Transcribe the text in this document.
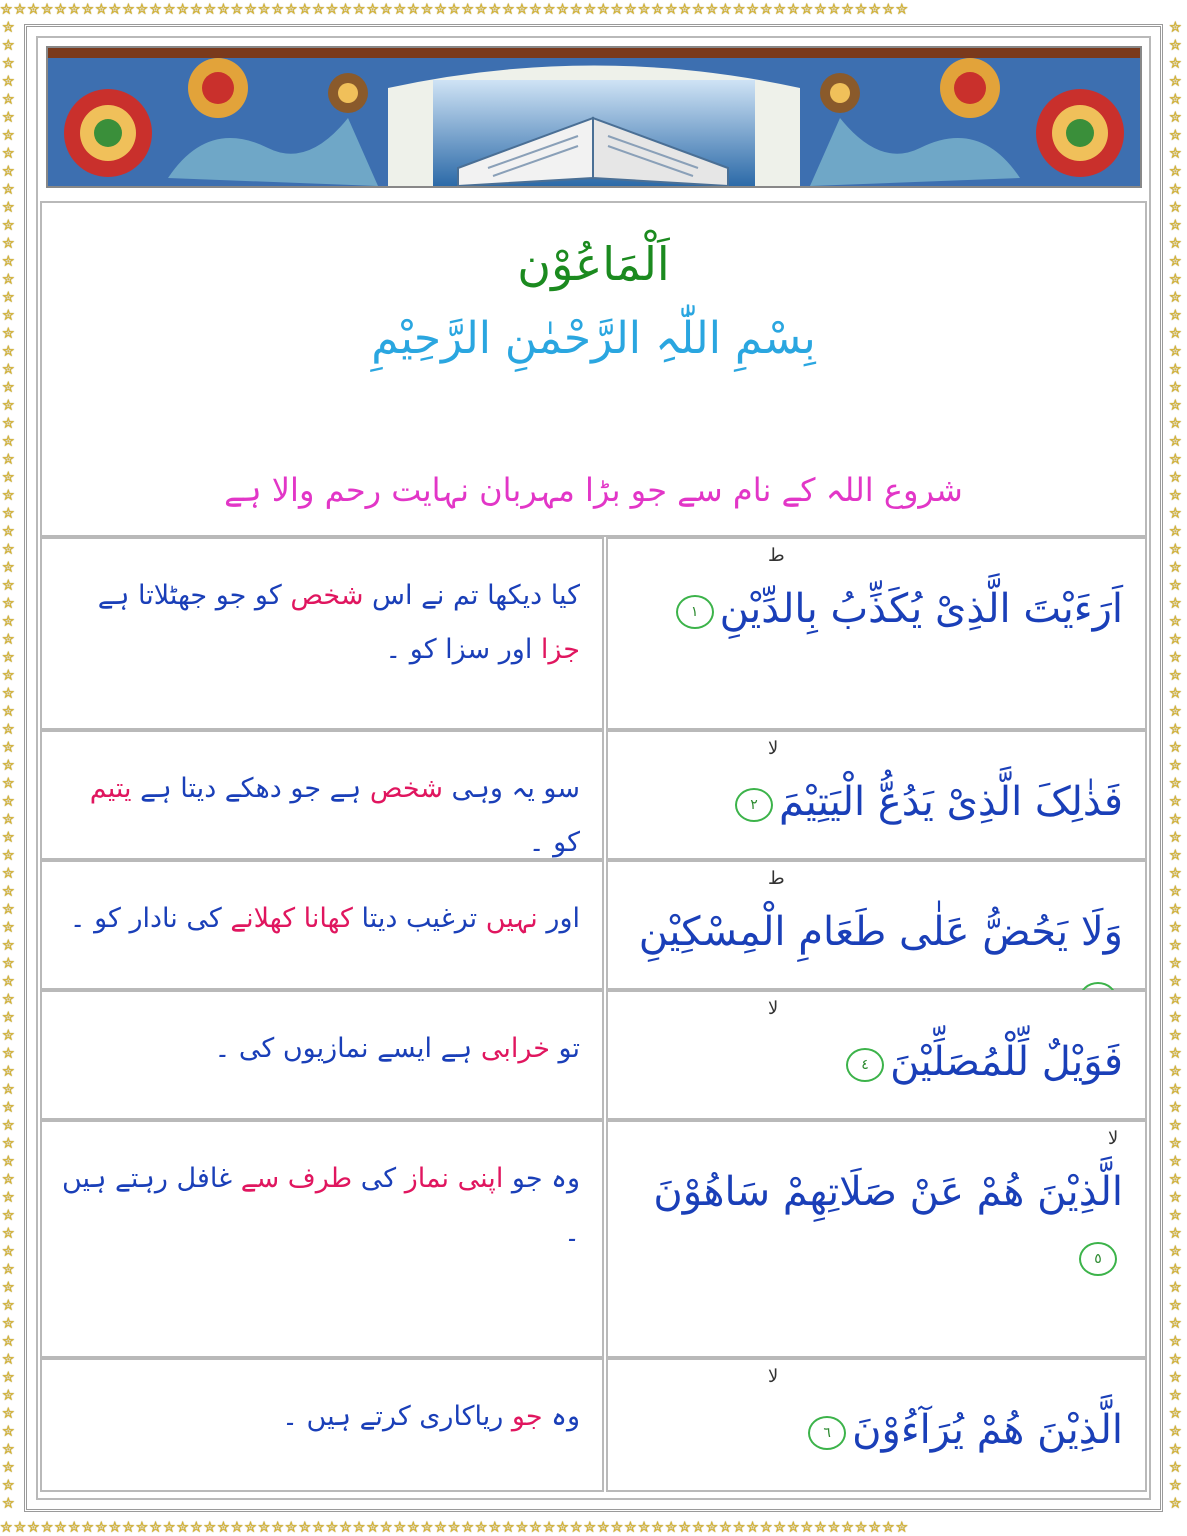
✮✮✮✮✮✮✮✮✮✮✮✮✮✮✮✮✮✮✮✮✮✮✮✮✮✮✮✮✮✮✮✮✮✮✮✮✮✮✮✮✮✮✮✮✮✮✮✮✮✮✮✮✮✮✮✮✮✮✮✮✮✮✮✮✮✮✮
✮✮✮✮✮✮✮✮✮✮✮✮✮✮✮✮✮✮✮✮✮✮✮✮✮✮✮✮✮✮✮✮✮✮✮✮✮✮✮✮✮✮✮✮✮✮✮✮✮✮✮✮✮✮✮✮✮✮✮✮✮✮✮✮✮✮✮
✮✮✮✮✮✮✮✮✮✮✮✮✮✮✮✮✮✮✮✮✮✮✮✮✮✮✮✮✮✮✮✮✮✮✮✮✮✮✮✮✮✮✮✮✮✮✮✮✮✮✮✮✮✮✮✮✮✮✮✮✮✮✮✮✮✮✮✮✮✮✮✮✮✮✮✮✮✮✮✮✮✮✮
✮✮✮✮✮✮✮✮✮✮✮✮✮✮✮✮✮✮✮✮✮✮✮✮✮✮✮✮✮✮✮✮✮✮✮✮✮✮✮✮✮✮✮✮✮✮✮✮✮✮✮✮✮✮✮✮✮✮✮✮✮✮✮✮✮✮✮✮✮✮✮✮✮✮✮✮✮✮✮✮✮✮✮
اَلْمَاعُوْن
بِسْمِ اللّٰہِ الرَّحْمٰنِ الرَّحِیْمِ
شروع اللہ کے نام سے جو بڑا مہربان نہایت رحم والا ہے
کیا دیکھا تم نے اس شخص کو جو جھٹلاتا ہے جزا اور سزا کو ۔
ط
اَرَءَیْتَ الَّذِیْ یُکَذِّبُ بِالدِّیْنِ١
سو یہ وہی شخص ہے جو دھکے دیتا ہے یتیم کو ۔
لا
فَذٰلِکَ الَّذِیْ یَدُعُّ الْیَتِیْمَ٢
اور نہیں ترغیب دیتا کھانا کھلانے کی نادار کو ۔
ط
وَلَا یَحُضُّ عَلٰی طَعَامِ الْمِسْکِیْنِ
تو خرابی ہے ایسے نمازیوں کی ۔
لا
فَوَیْلٌ لِّلْمُصَلِّیْنَ٤
وہ جو اپنی نماز کی طرف سے غافل رہتے ہیں ۔
لا
الَّذِیْنَ ھُمْ عَنْ صَلَاتِھِمْ سَاھُوْنَ٥
وہ جو ریاکاری کرتے ہیں ۔
لا
الَّذِیْنَ ھُمْ یُرَآءُوْنَ٦
